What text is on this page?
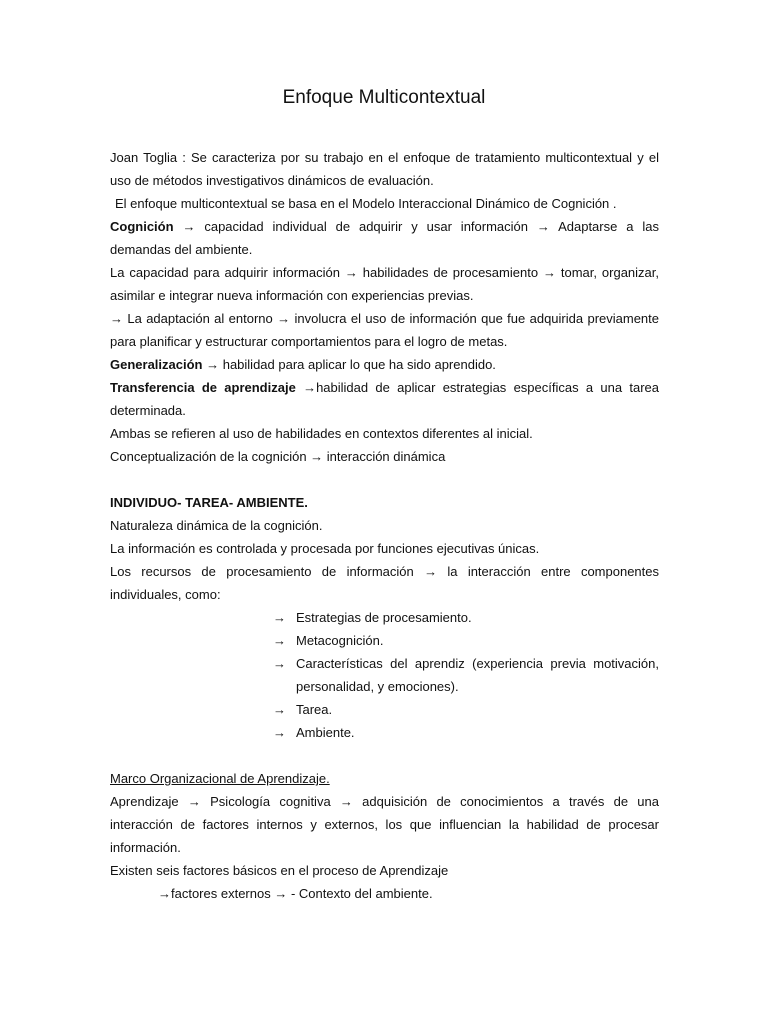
Enfoque Multicontextual

Joan Toglia : Se caracteriza por su trabajo en el enfoque de tratamiento multicontextual y el uso de métodos investigativos dinámicos de evaluación.

El enfoque multicontextual se basa en el Modelo Interaccional Dinámico de Cognición .

Cognición → capacidad individual de adquirir y usar información → Adaptarse a las demandas del ambiente.

La capacidad para adquirir información → habilidades de procesamiento → tomar, organizar, asimilar e integrar nueva información con experiencias previas.

→ La adaptación al entorno → involucra el uso de información que fue adquirida previamente para planificar y estructurar comportamientos para el logro de metas.

Generalización → habilidad para aplicar lo que ha sido aprendido.

Transferencia de aprendizaje →habilidad de aplicar estrategias específicas a una tarea determinada.

Ambas se refieren al uso de habilidades en contextos diferentes al inicial.

Conceptualización de la cognición → interacción dinámica

INDIVIDUO- TAREA- AMBIENTE.

Naturaleza dinámica de la cognición.

La información es controlada y procesada por funciones ejecutivas únicas.

Los recursos de procesamiento de información → la interacción entre componentes individuales, como:

→ Estrategias de procesamiento.
→ Metacognición.
→ Características del aprendiz (experiencia previa motivación, personalidad, y emociones).
→ Tarea.
→ Ambiente.

Marco Organizacional de Aprendizaje.

Aprendizaje → Psicología cognitiva → adquisición de conocimientos a través de una interacción de factores internos y externos, los que influencian la habilidad de procesar información.

Existen seis factores básicos en el proceso de Aprendizaje

→factores externos → - Contexto del ambiente.
